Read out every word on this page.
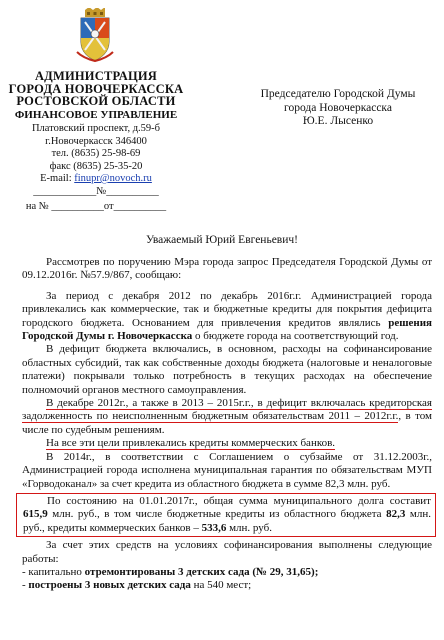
АДМИНИСТРАЦИЯ
ГОРОДА НОВОЧЕРКАССКА
РОСТОВСКОЙ ОБЛАСТИ
ФИНАНСОВОЕ УПРАВЛЕНИЕ
Платовский проспект, д.59-б
г.Новочеркасск 346400
тел. (8635) 25-98-69
факс (8635) 25-35-20
E-mail: finupr@novoch.ru
____________№__________
на № __________от__________
Председателю Городской Думы
города Новочеркасска
Ю.Е. Лысенко
Уважаемый Юрий Евгеньевич!

Рассмотрев по поручению Мэра города запрос Председателя Городской Думы от 09.12.2016г. №57.9/867, сообщаю:

За период с декабря 2012 по декабрь 2016г.г. Администрацией города привлекались как коммерческие, так и бюджетные кредиты для покрытия дефицита городского бюджета. Основанием для привлечения кредитов являлись решения Городской Думы г. Новочеркасска о бюджете города на соответствующий год.

В дефицит бюджета включались, в основном, расходы на софинансирование областных субсидий, так как собственные доходы бюджета (налоговые и неналоговые платежи) покрывали только потребность в текущих расходах на обеспечение полномочий органов местного самоуправления.

В декабре 2012г., а также в 2013 – 2015г.г., в дефицит включалась кредиторская задолженность по неисполненным бюджетным обязательствам 2011 – 2012г.г., в том числе по судебным решениям.

На все эти цели привлекались кредиты коммерческих банков.

В 2014г., в соответствии с Соглашением о субзайме от 31.12.2003г., Администрацией города исполнена муниципальная гарантия по обязательствам МУП «Горводоканал» за счет кредита из областного бюджета в сумме 82,3 млн. руб.

По состоянию на 01.01.2017г., общая сумма муниципального долга составит 615,9 млн. руб., в том числе бюджетные кредиты из областного бюджета 82,3 млн. руб., кредиты коммерческих банков – 533,6 млн. руб.

За счет этих средств на условиях софинансирования выполнены следующие работы:

- капитально отремонтированы 3 детских сада (№ 29, 31,65);

- построены 3 новых детских сада на 540 мест;
